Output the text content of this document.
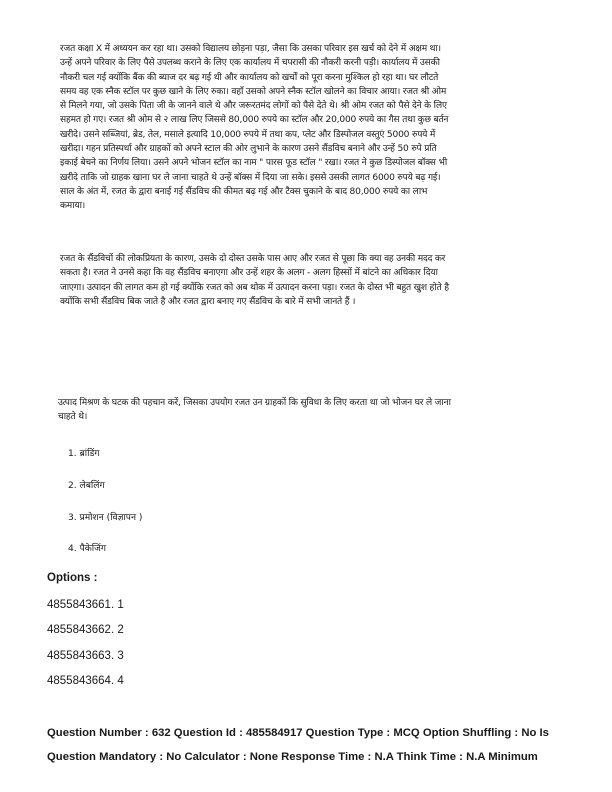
रजत कक्षा X में अध्ययन कर रहा था। उसको विद्यालय छोड़ना पड़ा, जैसा कि उसका परिवार इस खर्च को देने में अक्षम था। उन्हें अपने परिवार के लिए पैसे उपलब्ध कराने के लिए एक कार्यालय में चपरासी की नौकरी करनी पड़ी। कार्यालय में उसकी नौकरी चल गई क्योंकि बैंक की ब्याज दर बढ़ गई थी और कार्यालय को खर्चों को पूरा करना मुश्किल हो रहा था। घर लौटते समय वह एक स्नैक स्टॉल पर कुछ खाने के लिए रुका। वहाँ उसको अपने स्नैक स्टॉल खोलने का विचार आया। रजत श्री ओम से मिलने गया, जो उसके पिता जी के जानने वाले थे और जरूरतमंद लोगों को पैसे देते थे। श्री ओम रजत को पैसे देने के लिए सहमत हो गए। रजत श्री ओम से २ लाख लिए जिससे 80,000 रुपये का स्टॉल और 20,000 रुपये का गैस तथा कुछ बर्तन खरीदे। उसने सब्जियां, ब्रेड, तेल, मसाले इत्यादि 10,000 रुपये में तथा कप, प्लेट और डिस्पोजल वस्तुएं 5000 रुपये में खरीदा। गहन प्रतिस्पर्धा और ग्राहकों को अपने स्टाल की ओर लुभाने के कारण उसने सैंडविच बनाने और उन्हें 50 रुपे प्रति इकाई बेचने का निर्णय लिया। उसने अपने भोजन स्टॉल का नाम " पारस फूड स्टॉल " रखा। रजत ने कुछ डिस्पोजल बॉक्स भी ख़रीदे ताकि जो ग्राहक खाना घर ले जाना चाहते थे उन्हें बॉक्स में दिया जा सके। इससे उसकी लागत 6000 रुपये बढ़ गई। साल के अंत में, रजत के द्वारा बनाई गई सैंडविच की कीमत बढ़ गई और टैक्स चुकाने के बाद 80,000 रुपये का लाभ कमाया।

रजत के सैंडविचों की लोकप्रियता के कारण, उसके दो दोस्त उसके पास आए और रजत से पूछा कि क्या वह उनकी मदद कर सकता है। रजत ने उनसे कहा कि वह सैंडविच बनाएगा और उन्हें शहर के अलग - अलग हिस्सों में बांटने का अधिकार दिया जाएगा। उत्पादन की लागत कम हो गई क्योंकि रजत को अब थोक में उत्पादन करना पड़ा। रजत के दोस्त भी बहुत खुश होते है क्योंकि सभी सैंडविच बिक जाते है और रजत द्वारा बनाए गए सैंडविच के बारे में सभी जानते हैं ।

उत्पाद मिश्रण के घटक की पहचान करें, जिसका उपयोग रजत उन ग्राहकों कि सुविधा के लिए करता था जो भोजन घर ले जाना चाहते थे।
1. ब्रांडिंग
2. लेबलिंग
3. प्रमोशन (विज्ञापन )
4. पैकेजिंग
Options :
4855843661. 1
4855843662. 2
4855843663. 3
4855843664. 4
Question Number : 632 Question Id : 485584917 Question Type : MCQ Option Shuffling : No Is
Question Mandatory : No Calculator : None Response Time : N.A Think Time : N.A Minimum
